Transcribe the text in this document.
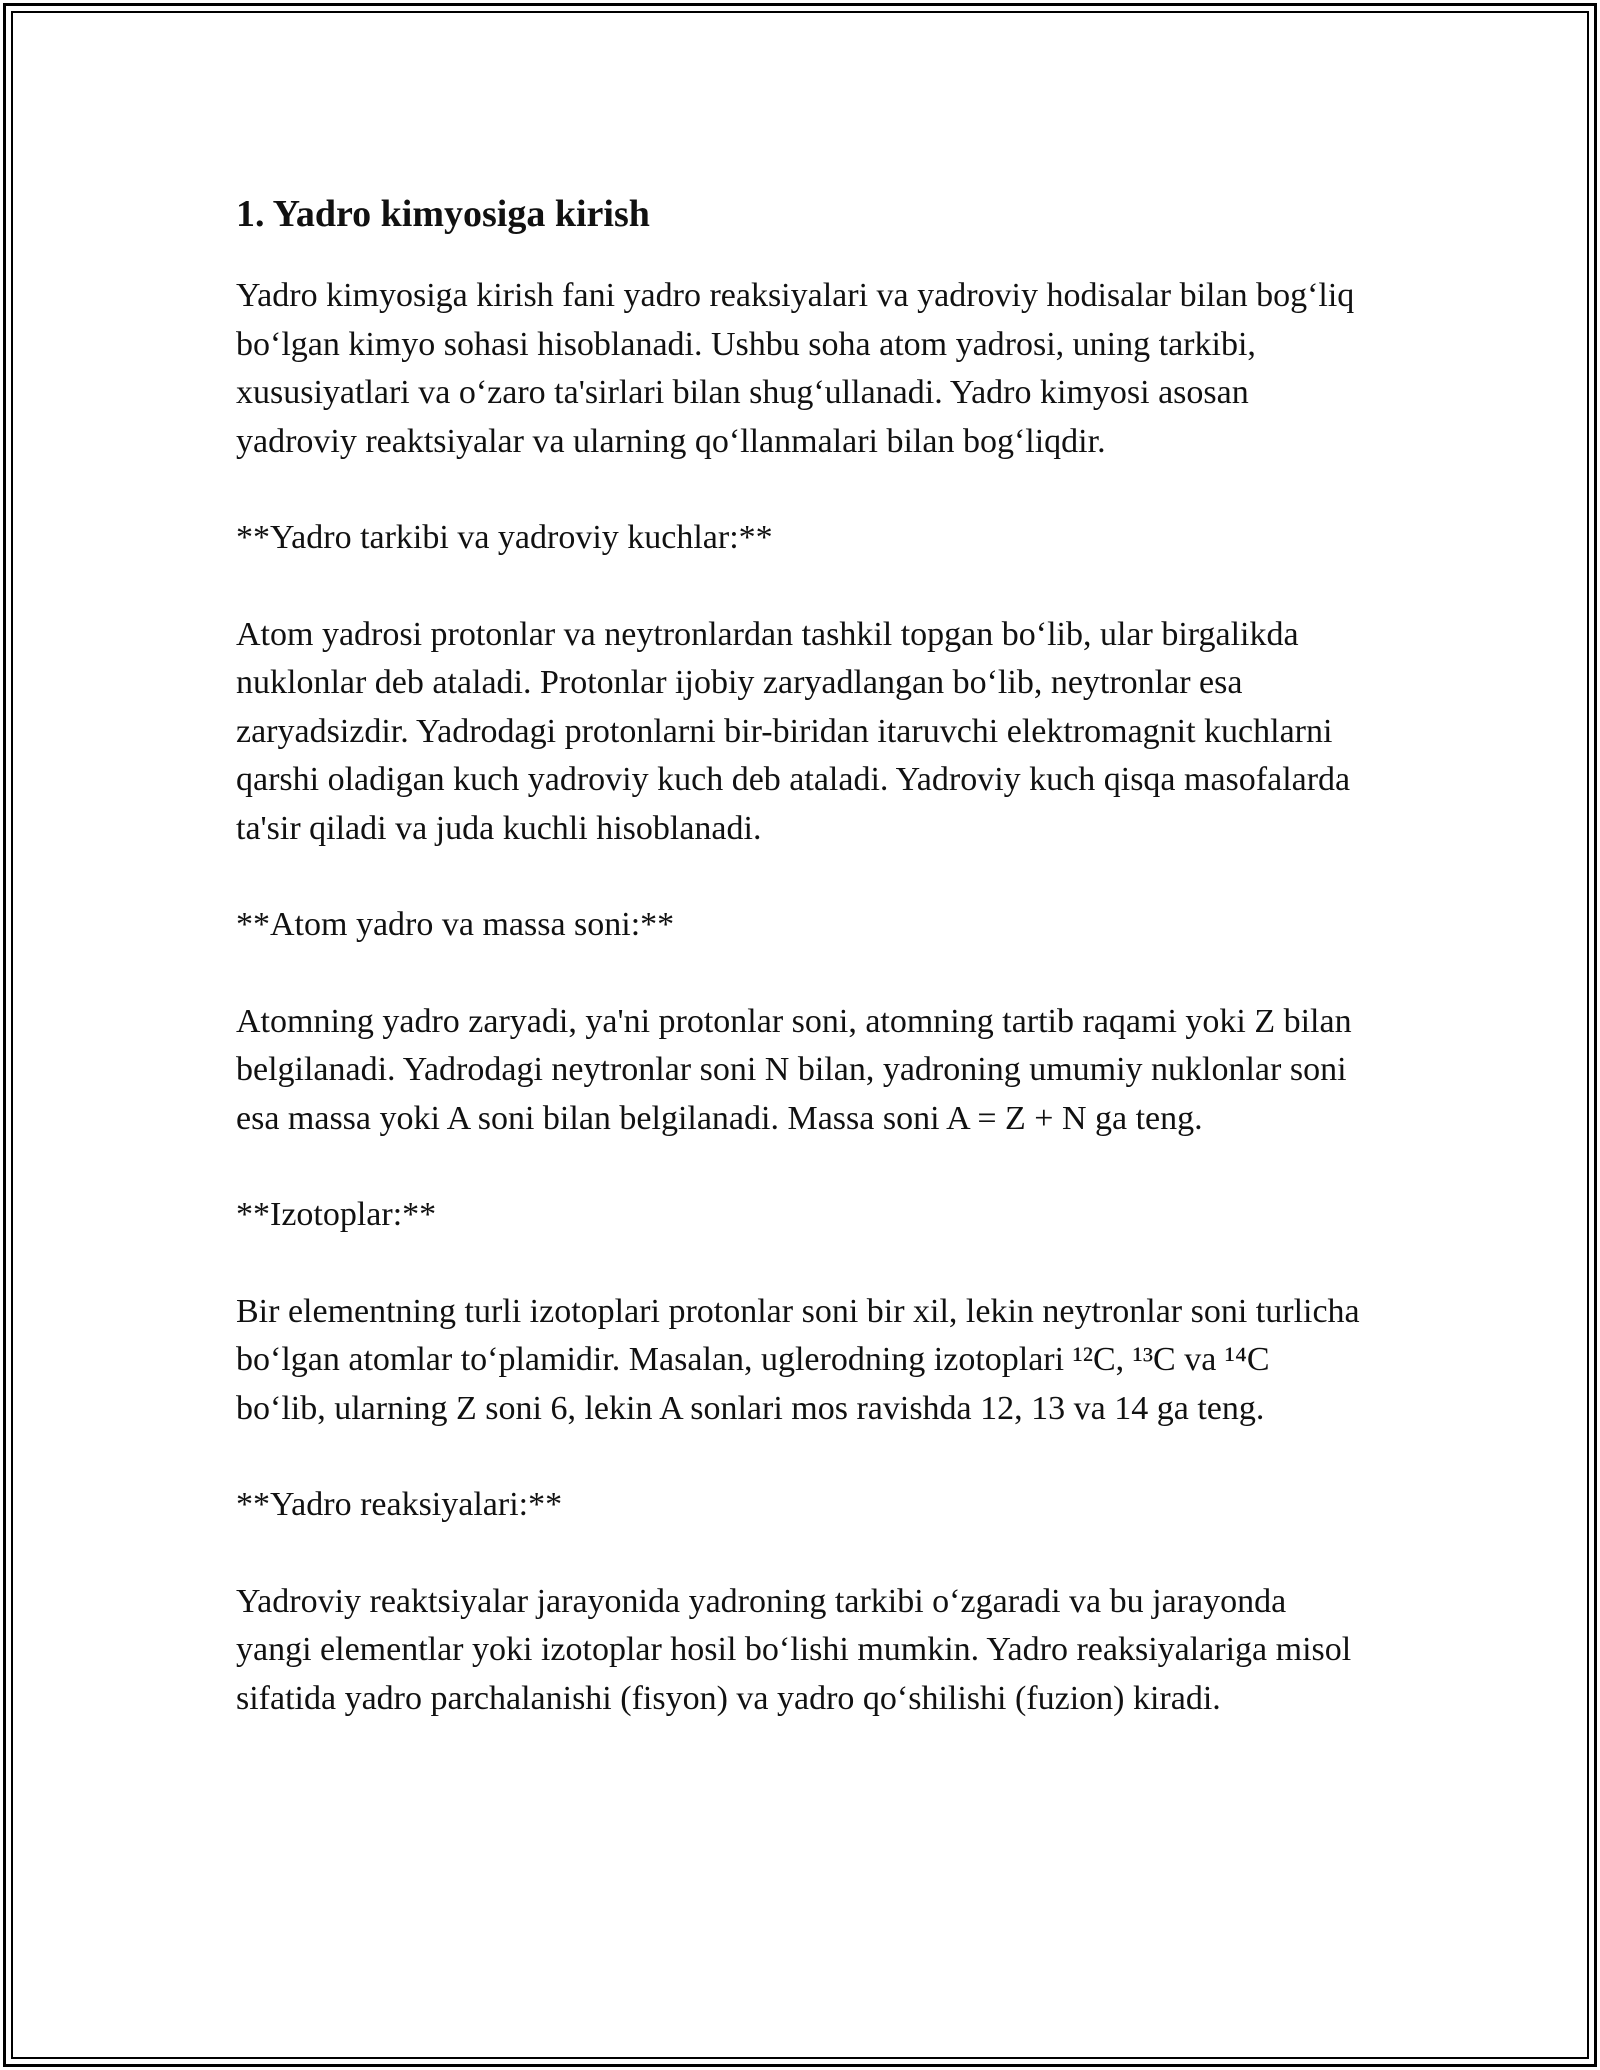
1. Yadro kimyosiga kirish

Yadro kimyosiga kirish fani yadro reaksiyalari va yadroviy hodisalar bilan bog‘liq bo‘lgan kimyo sohasi hisoblanadi. Ushbu soha atom yadrosi, uning tarkibi, xususiyatlari va o‘zaro ta'sirlari bilan shug‘ullanadi. Yadro kimyosi asosan yadroviy reaktsiyalar va ularning qo‘llanmalari bilan bog‘liqdir.

**Yadro tarkibi va yadroviy kuchlar:**

Atom yadrosi protonlar va neytronlardan tashkil topgan bo‘lib, ular birgalikda nuklonlar deb ataladi. Protonlar ijobiy zaryadlangan bo‘lib, neytronlar esa zaryadsizdir. Yadrodagi protonlarni bir-biridan itaruvchi elektromagnit kuchlarni qarshi oladigan kuch yadroviy kuch deb ataladi. Yadroviy kuch qisqa masofalarda ta'sir qiladi va juda kuchli hisoblanadi.

**Atom yadro va massa soni:**

Atomning yadro zaryadi, ya'ni protonlar soni, atomning tartib raqami yoki Z bilan belgilanadi. Yadrodagi neytronlar soni N bilan, yadroning umumiy nuklonlar soni esa massa yoki A soni bilan belgilanadi. Massa soni A = Z + N ga teng.

**Izotoplar:**

Bir elementning turli izotoplari protonlar soni bir xil, lekin neytronlar soni turlicha bo‘lgan atomlar to‘plamidir. Masalan, uglerodning izotoplari ¹²C, ¹³C va ¹⁴C bo‘lib, ularning Z soni 6, lekin A sonlari mos ravishda 12, 13 va 14 ga teng.

**Yadro reaksiyalari:**

Yadroviy reaktsiyalar jarayonida yadroning tarkibi o‘zgaradi va bu jarayonda yangi elementlar yoki izotoplar hosil bo‘lishi mumkin. Yadro reaksiyalariga misol sifatida yadro parchalanishi (fisyon) va yadro qo‘shilishi (fuzion) kiradi.
